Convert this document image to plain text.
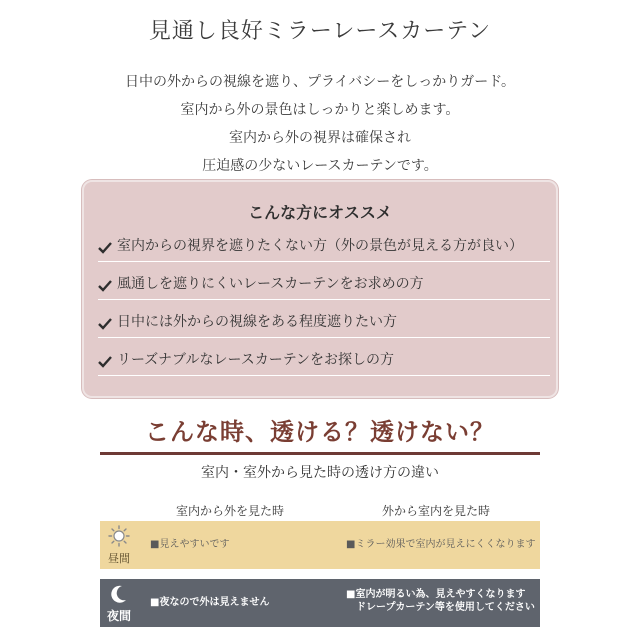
見通し良好ミラーレースカーテン
日中の外からの視線を遮り、プライバシーをしっかりガード。
室内から外の景色はしっかりと楽しめます。
室内から外の視界は確保され
圧迫感の少ないレースカーテンです。
こんな方にオススメ
室内からの視界を遮りたくない方（外の景色が見える方が良い）
風通しを遮りにくいレースカーテンをお求めの方
日中には外からの視線をある程度遮りたい方
リーズナブルなレースカーテンをお探しの方
こんな時、透ける？透けない？
室内・室外から見た時の透け方の違い
室内から外を見た時	外から室内を見た時
昼間
■見えやすいです	■ミラー効果で室内が見えにくくなります
夜間
■夜なので外は見えません
■室内が明るい為、見えやすくなります
ドレープカーテン等を使用してください
